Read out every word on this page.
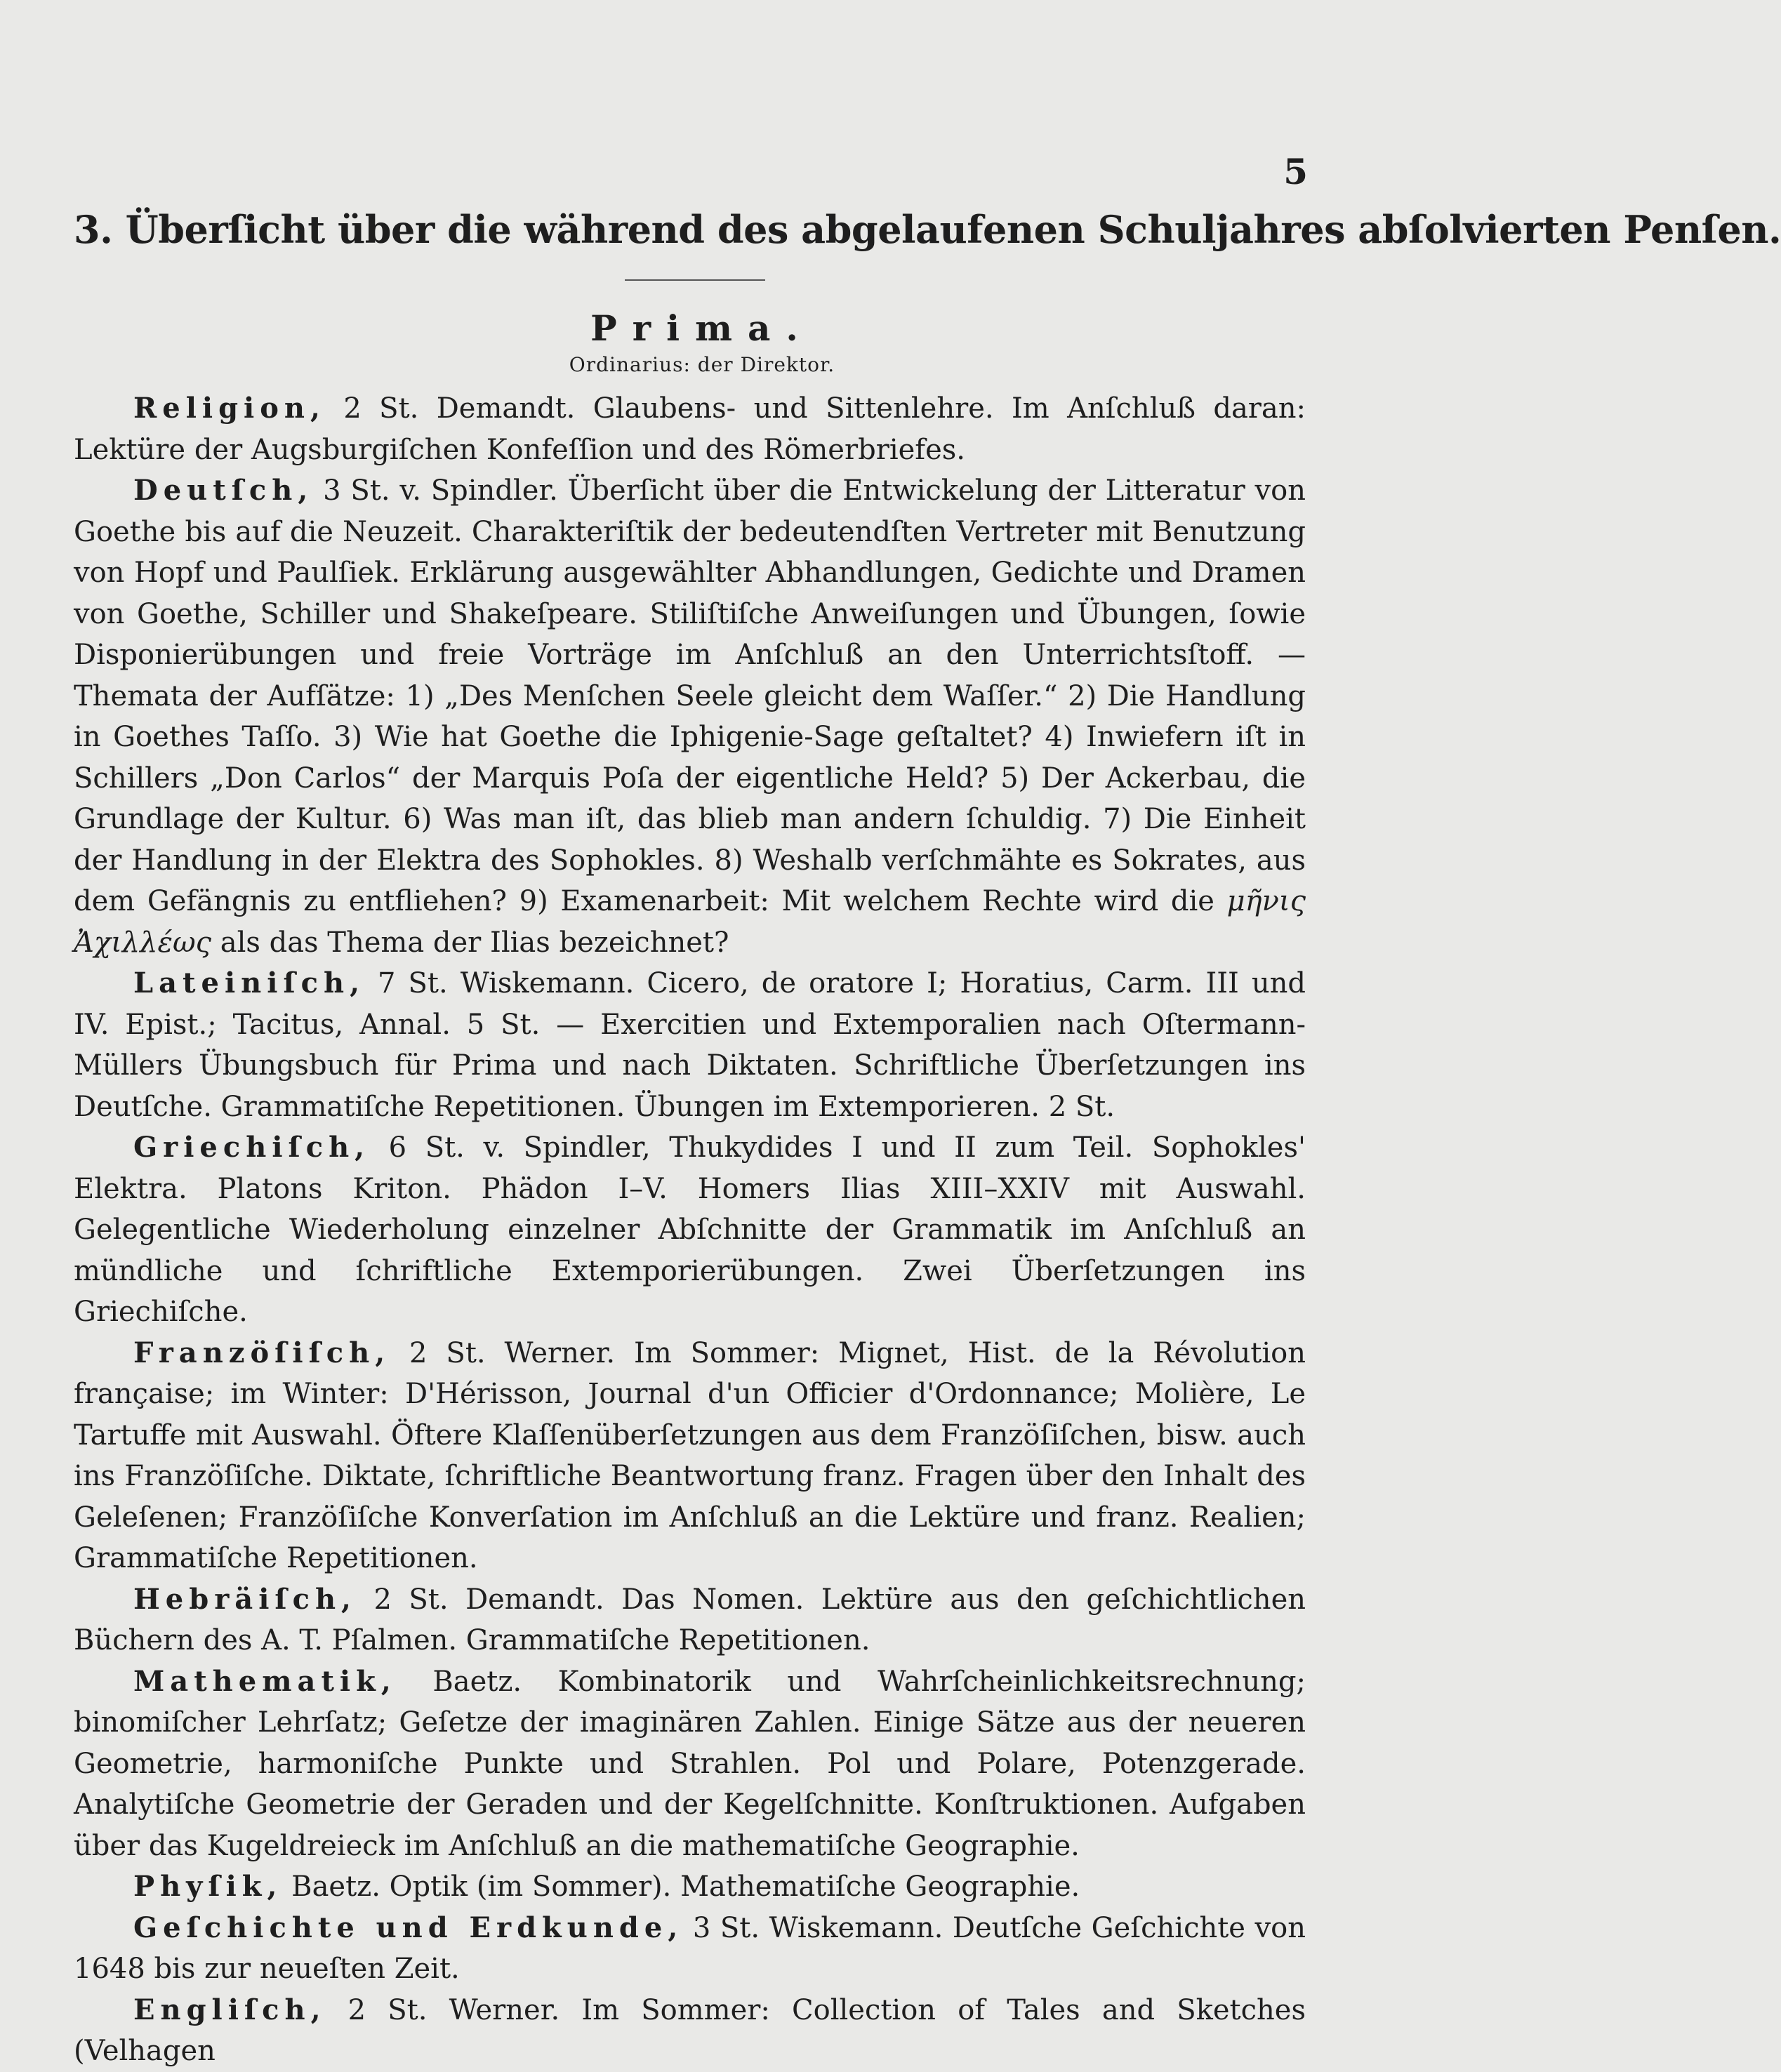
5
3. Überſicht über die während des abgelaufenen Schuljahres abſolvierten Penſen.
Prima.
Ordinarius: der Direktor.

Religion, 2 St. Demandt. Glaubens- und Sittenlehre. Im Anſchluß daran: Lektüre der Augsburgiſchen Konfeſſion und des Römerbriefes.

Deutſch, 3 St. v. Spindler. Überſicht über die Entwickelung der Litteratur von Goethe bis auf die Neuzeit. Charakteriſtik der bedeutendſten Vertreter mit Benutzung von Hopf und Paulſiek. Erklärung ausgewählter Abhandlungen, Gedichte und Dramen von Goethe, Schiller und Shakeſpeare. Stiliſtiſche Anweiſungen und Übungen, ſowie Disponierübungen und freie Vorträge im Anſchluß an den Unterrichtsſtoff. — Themata der Aufſätze: 1) „Des Menſchen Seele gleicht dem Waſſer.“ 2) Die Handlung in Goethes Taſſo. 3) Wie hat Goethe die Iphigenie-Sage geſtaltet? 4) Inwiefern iſt in Schillers „Don Carlos“ der Marquis Poſa der eigentliche Held? 5) Der Ackerbau, die Grundlage der Kultur. 6) Was man iſt, das blieb man andern ſchuldig. 7) Die Einheit der Handlung in der Elektra des Sophokles. 8) Weshalb verſchmähte es Sokrates, aus dem Gefängnis zu entfliehen? 9) Examenarbeit: Mit welchem Rechte wird die μῆνις Ἀχιλλέως als das Thema der Ilias bezeichnet?

Lateiniſch, 7 St. Wiskemann. Cicero, de oratore I; Horatius, Carm. III und IV. Epist.; Tacitus, Annal. 5 St. — Exercitien und Extemporalien nach Oſtermann-Müllers Übungsbuch für Prima und nach Diktaten. Schriftliche Überſetzungen ins Deutſche. Grammatiſche Repetitionen. Übungen im Extemporieren. 2 St.

Griechiſch, 6 St. v. Spindler, Thukydides I und II zum Teil. Sophokles' Elektra. Platons Kriton. Phädon I–V. Homers Ilias XIII–XXIV mit Auswahl. Gelegentliche Wiederholung einzelner Abſchnitte der Grammatik im Anſchluß an mündliche und ſchriftliche Extemporierübungen. Zwei Überſetzungen ins Griechiſche.

Franzöſiſch, 2 St. Werner. Im Sommer: Mignet, Hist. de la Révolution française; im Winter: D'Hérisson, Journal d'un Officier d'Ordonnance; Molière, Le Tartuffe mit Auswahl. Öftere Klaſſenüberſetzungen aus dem Franzöſiſchen, bisw. auch ins Franzöſiſche. Diktate, ſchriftliche Beantwortung franz. Fragen über den Inhalt des Geleſenen; Franzöſiſche Konverſation im Anſchluß an die Lektüre und franz. Realien; Grammatiſche Repetitionen.

Hebräiſch, 2 St. Demandt. Das Nomen. Lektüre aus den geſchichtlichen Büchern des A. T. Pſalmen. Grammatiſche Repetitionen.

Mathematik, Baetz. Kombinatorik und Wahrſcheinlichkeitsrechnung; binomiſcher Lehrſatz; Geſetze der imaginären Zahlen. Einige Sätze aus der neueren Geometrie, harmoniſche Punkte und Strahlen. Pol und Polare, Potenzgerade. Analytiſche Geometrie der Geraden und der Kegelſchnitte. Konſtruktionen. Aufgaben über das Kugeldreieck im Anſchluß an die mathematiſche Geographie.

Phyſik, Baetz. Optik (im Sommer). Mathematiſche Geographie.

Geſchichte und Erdkunde, 3 St. Wiskemann. Deutſche Geſchichte von 1648 bis zur neueſten Zeit.

Engliſch, 2 St. Werner. Im Sommer: Collection of Tales and Sketches (Velhagen
